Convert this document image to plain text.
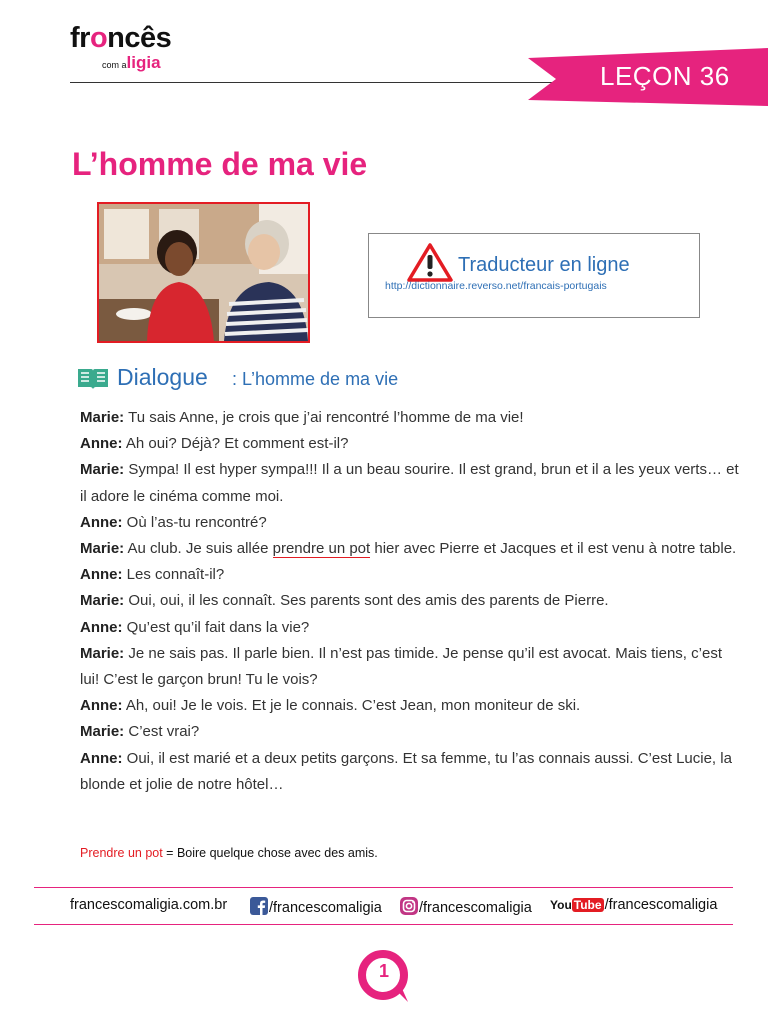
froncês
com aligia	LEÇON 36
L’homme de ma vie
Traducteur en ligne
http://dictionnaire.reverso.net/francais-portugais
Dialogue : L’homme de ma vie

Marie: Tu sais Anne, je crois que j’ai rencontré l’homme de ma vie!

Anne: Ah oui? Déjà? Et comment est-il?

Marie: Sympa! Il est hyper sympa!!! Il a un beau sourire. Il est grand, brun et il a les yeux verts… et il adore le cinéma comme moi.

Anne: Où l’as-tu rencontré?

Marie: Au club. Je suis allée prendre un pot hier avec Pierre et Jacques et il est venu à notre table.

Anne: Les connaît-il?

Marie: Oui, oui, il les connaît. Ses parents sont des amis des parents de Pierre.

Anne: Qu’est qu’il fait dans la vie?

Marie: Je ne sais pas. Il parle bien. Il n’est pas timide. Je pense qu’il est avocat. Mais tiens, c’est lui! C’est le garçon brun! Tu le vois?

Anne: Ah, oui! Je le vois. Et je le connais. C’est Jean, mon moniteur de ski.

Marie: C’est vrai?

Anne: Oui, il est marié et a deux petits garçons. Et sa femme, tu l’as connais aussi. C’est Lucie, la blonde et jolie de notre hôtel…

Prendre un pot = Boire quelque chose avec des amis.
francescomaligia.com.br	/francescomaligia	/francescomaligia You Tube /francescomaligia
1
